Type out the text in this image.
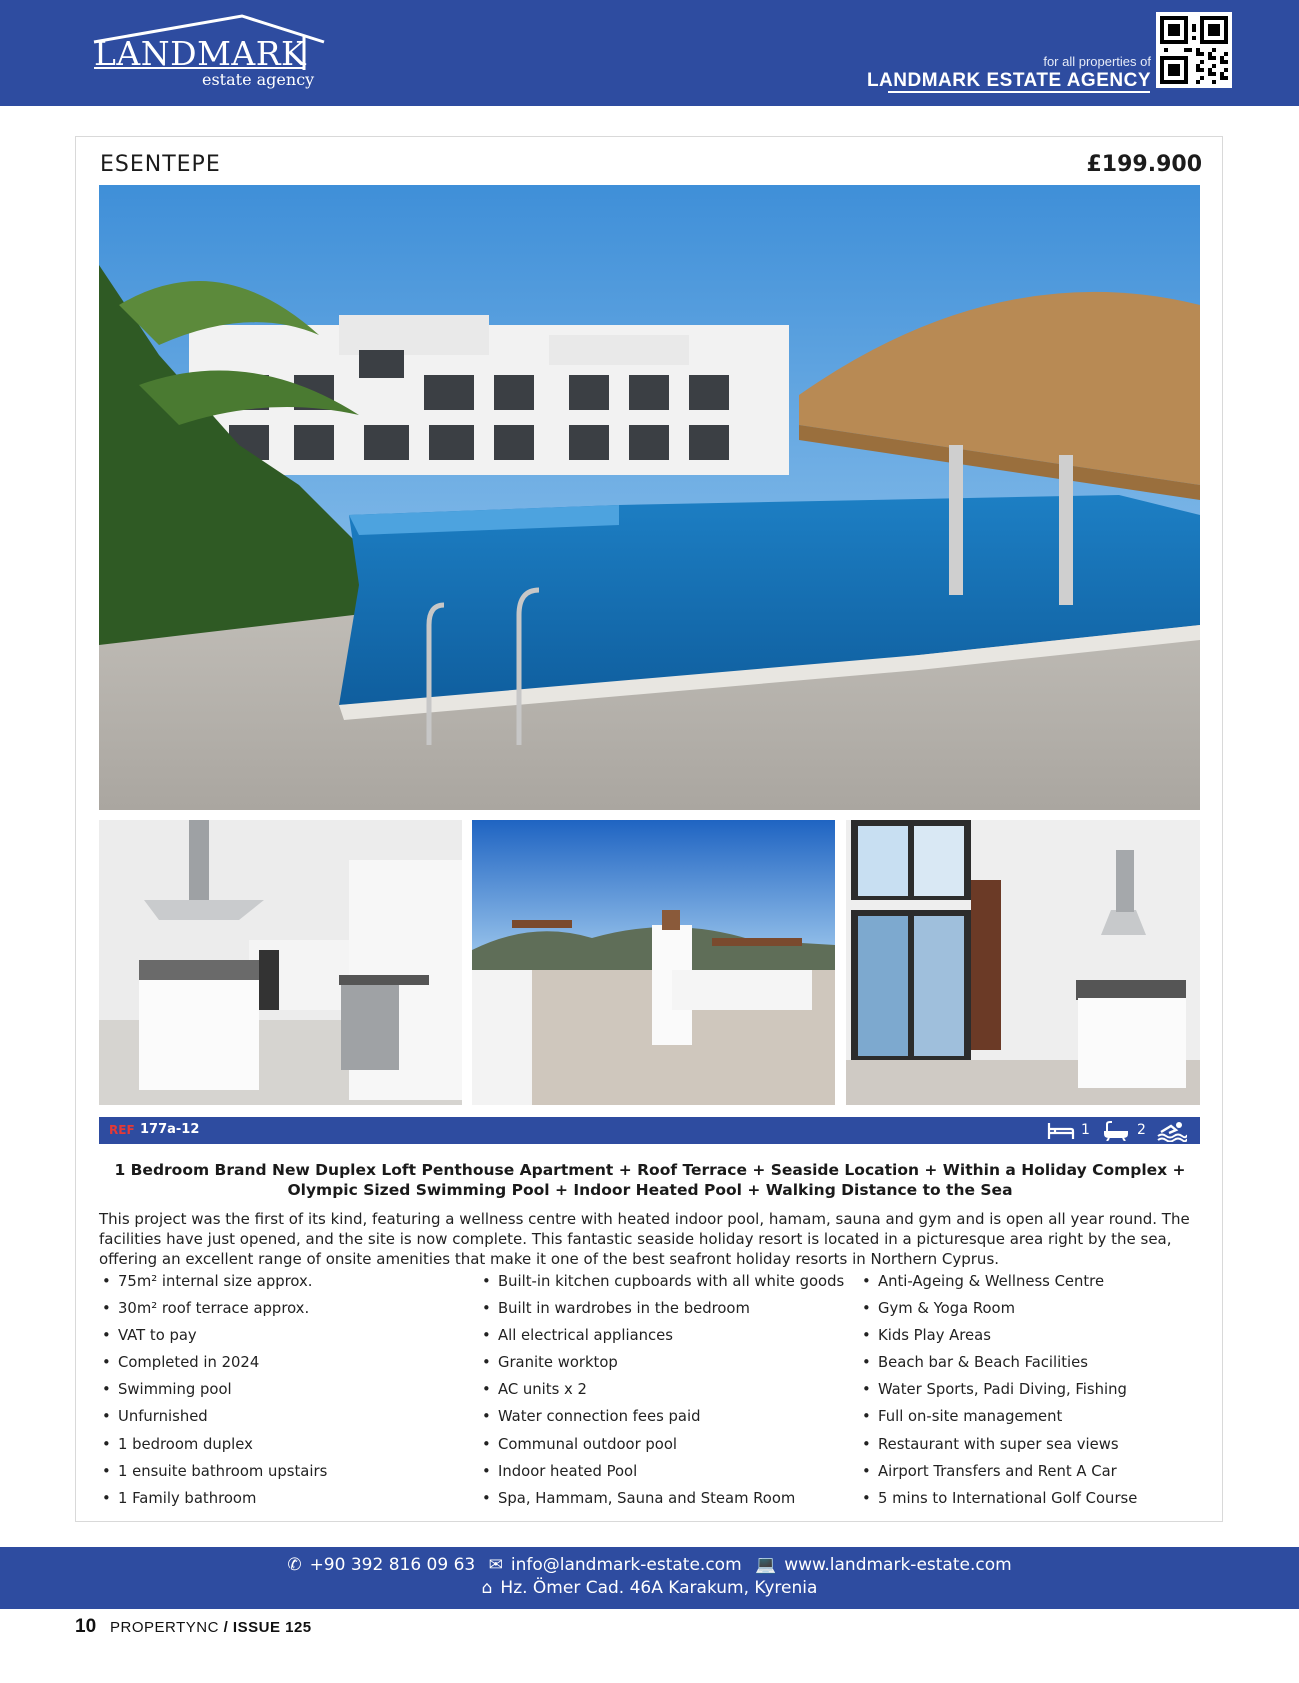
LANDMARK
estate agency
for all properties of
LANDMARK ESTATE AGENCY
ESENTEPE	£199.900
REF 177a-12	1	2
1 Bedroom Brand New Duplex Loft Penthouse Apartment + Roof Terrace + Seaside Location + Within a Holiday Complex + Olympic Sized Swimming Pool + Indoor Heated Pool + Walking Distance to the Sea
This project was the first of its kind, featuring a wellness centre with heated indoor pool, hamam, sauna and gym and is open all year round. The facilities have just opened, and the site is now complete. This fantastic seaside holiday resort is located in a picturesque area right by the sea, offering an excellent range of onsite amenities that make it one of the best seafront holiday resorts in Northern Cyprus.
• 75m² internal size approx.
• 30m² roof terrace approx.
• VAT to pay
• Completed in 2024
• Swimming pool
• Unfurnished
• 1 bedroom duplex
• 1 ensuite bathroom upstairs
• 1 Family bathroom
• Built-in kitchen cupboards with all white goods
• Built in wardrobes in the bedroom
• All electrical appliances
• Granite worktop
• AC units x 2
• Water connection fees paid
• Communal outdoor pool
• Indoor heated Pool
• Spa, Hammam, Sauna and Steam Room
• Anti-Ageing & Wellness Centre
• Gym & Yoga Room
• Kids Play Areas
• Beach bar & Beach Facilities
• Water Sports, Padi Diving, Fishing
• Full on-site management
• Restaurant with super sea views
• Airport Transfers and Rent A Car
• 5 mins to International Golf Course
✆ +90 392 816 09 63 ✉ info@landmark-estate.com 💻 www.landmark-estate.com
⌂ Hz. Ömer Cad. 46A Karakum, Kyrenia
10 PROPERTYNC / ISSUE 125
